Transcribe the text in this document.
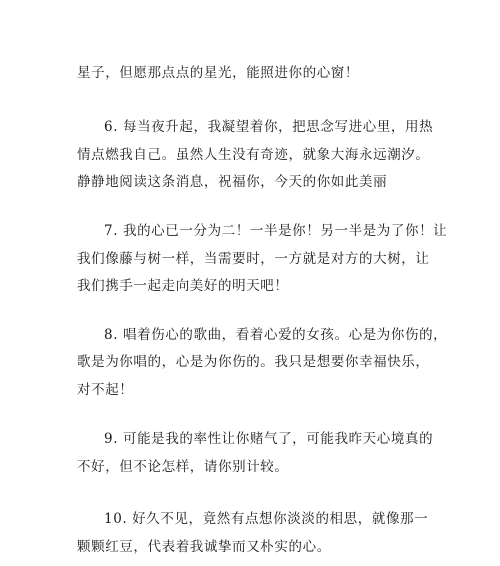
星子，但愿那点点的星光，能照进你的心窗！
6. 每当夜升起，我凝望着你，把思念写进心里，用热
情点燃我自己。虽然人生没有奇迹，就象大海永远潮汐。
静静地阅读这条消息，祝福你，今天的你如此美丽
7. 我的心已一分为二！一半是你！另一半是为了你！让
我们像藤与树一样，当需要时，一方就是对方的大树，让
我们携手一起走向美好的明天吧！
8. 唱着伤心的歌曲，看着心爱的女孩。心是为你伤的，
歌是为你唱的，心是为你伤的。我只是想要你幸福快乐，
对不起！
9. 可能是我的率性让你赌气了，可能我昨天心境真的
不好，但不论怎样，请你别计较。
10. 好久不见，竟然有点想你淡淡的相思，就像那一
颗颗红豆，代表着我诚挚而又朴实的心。
